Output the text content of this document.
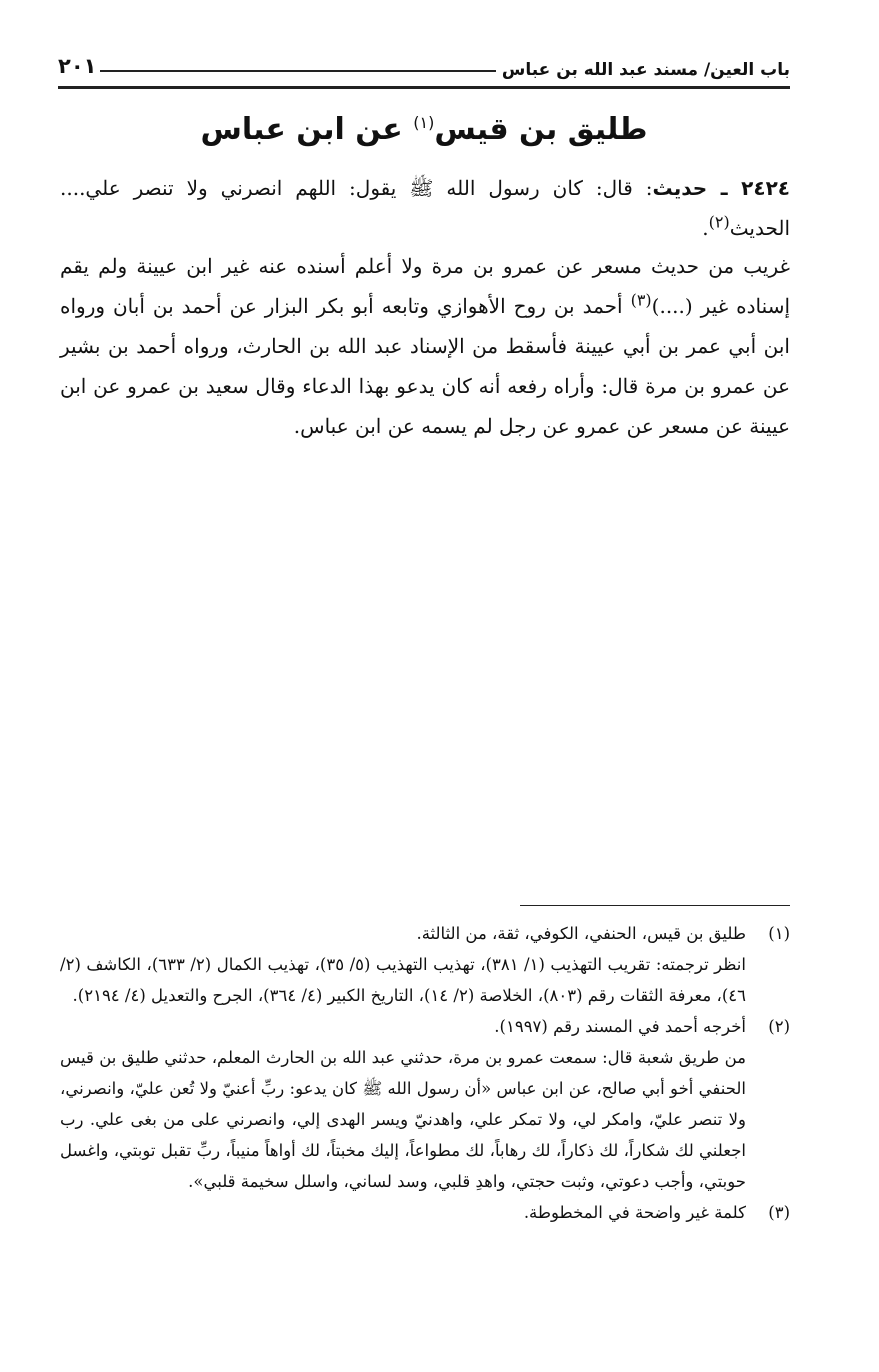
باب العين/ مسند عبد الله بن عباس
٢٠١
طليق بن قيس$^{(١)}$ عن ابن عباس
٢٤٢٤ ـ حديث: قال: كان رسول الله ﷺ يقول: اللهم انصرني ولا تنصر علي.... الحديث$^{(٢)}$.
غريب من حديث مسعر عن عمرو بن مرة ولا أعلم أسنده عنه غير ابن عيينة ولم يقم إسناده غير (....)$^{(٣)}$ أحمد بن روح الأهوازي وتابعه أبو بكر البزار عن أحمد بن أبان ورواه ابن أبي عمر بن أبي عيينة فأسقط من الإسناد عبد الله بن الحارث، ورواه أحمد بن بشير عن عمرو بن مرة قال: وأراه رفعه أنه كان يدعو بهذا الدعاء وقال سعيد بن عمرو عن ابن عيينة عن مسعر عن عمرو عن رجل لم يسمه عن ابن عباس.
(١)
طليق بن قيس، الحنفي، الكوفي، ثقة، من الثالثة.
انظر ترجمته: تقريب التهذيب (١/ ٣٨١)، تهذيب التهذيب (٥/ ٣٥)، تهذيب الكمال (٢/ ٦٣٣)، الكاشف (٢/ ٤٦)، معرفة الثقات رقم (٨٠٣)، الخلاصة (٢/ ١٤)، التاريخ الكبير (٤/ ٣٦٤)، الجرح والتعديل (٤/ ٢١٩٤).
(٢)
أخرجه أحمد في المسند رقم (١٩٩٧).
من طريق شعبة قال: سمعت عمرو بن مرة، حدثني عبد الله بن الحارث المعلم، حدثني طليق بن قيس الحنفي أخو أبي صالح، عن ابن عباس «أن رسول الله ﷺ كان يدعو: ربِّ أعنيّ ولا تُعن عليّ، وانصرني، ولا تنصر عليّ، وامكر لي، ولا تمكر علي، واهدنيّ ويسر الهدى إلي، وانصرني على من بغى علي. رب اجعلني لك شكاراً، لك ذكاراً، لك رهاباً، لك مطواعاً، إليك مخبتاً، لك أواهاً منيباً، ربِّ تقبل توبتي، واغسل حوبتي، وأجب دعوتي، وثبت حجتي، واهدِ قلبي، وسد لساني، واسلل سخيمة قلبي».
(٣)
كلمة غير واضحة في المخطوطة.
